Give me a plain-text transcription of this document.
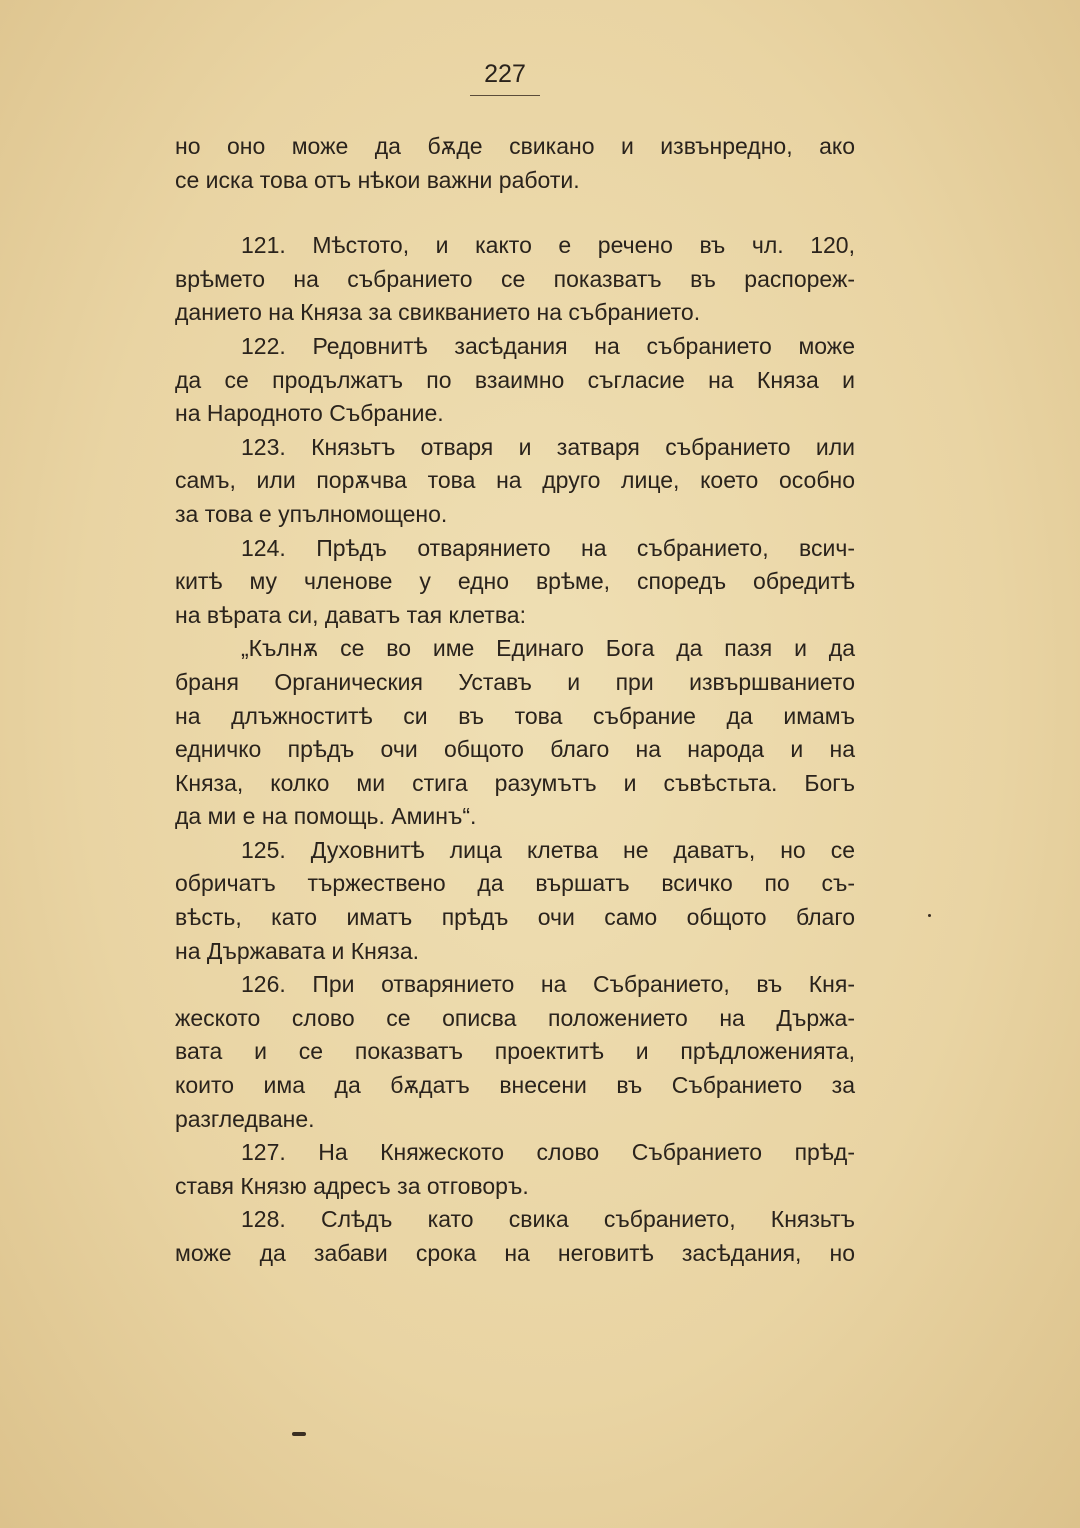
227
но оно може да бѫде свикано и извънредно, ако
се иска това отъ нѣкои важни работи.
121. Мѣстото, и както е речено въ чл. 120,
врѣмето на събранието се показватъ въ распореж-
данието на Княза за свикванието на събранието.
122. Редовнитѣ засѣдания на събранието може
да се продължатъ по взаимно съгласие на Княза и
на Народното Събрание.
123. Князьтъ отваря и затваря събранието или
самъ, или порѫчва това на друго лице, което особно
за това е упълномощено.
124. Прѣдъ отварянието на събранието, всич-
китѣ му членове у едно врѣме, споредъ обредитѣ
на вѣрата си, даватъ тая клетва:
„Кълнѫ се во име Единаго Бога да пазя и да
браня Органическия Уставъ и при извършванието
на длъжноститѣ си въ това събрание да имамъ
едничко прѣдъ очи общото благо на народа и на
Княза, колко ми стига разумътъ и съвѣстьта. Богъ
да ми е на помощь. Аминъ“.
125. Духовнитѣ лица клетва не даватъ, но се
обричатъ тържествено да вършатъ всичко по съ-
вѣсть, като иматъ прѣдъ очи само общото благо
на Държавата и Княза.
126. При отварянието на Събранието, въ Кня-
жеското слово се описва положението на Държа-
вата и се показватъ проектитѣ и прѣдложенията,
които има да бѫдатъ внесени въ Събранието за
разгледване.
127. На Княжеското слово Събранието прѣд-
ставя Князю адресъ за отговоръ.
128. Слѣдъ като свика събранието, Князьтъ
може да забави срока на неговитѣ засѣдания, но
